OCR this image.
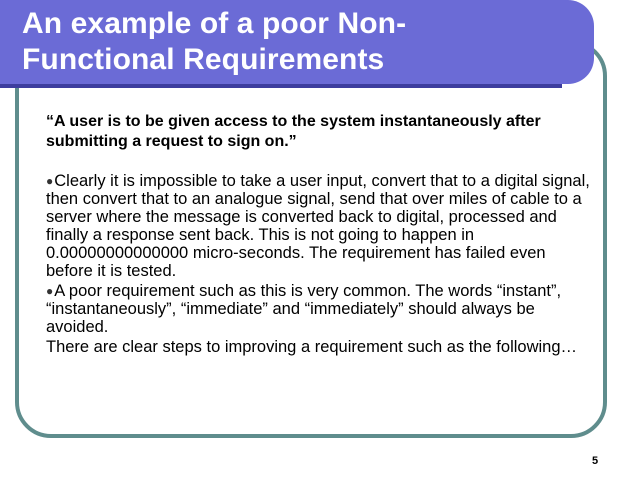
An example of a poor Non-
Functional Requirements

“A user is to be given access to the system instantaneously after submitting a request to sign on.”

●Clearly it is impossible to take a user input, convert that to a digital signal, then convert that to an analogue signal, send that over miles of cable to a server where the message is converted back to digital, processed and finally a response sent back. This is not going to happen in 0.00000000000000 micro-seconds. The requirement has failed even before it is tested.

●A poor requirement such as this is very common. The words “instant”, “instantaneously”, “immediate” and “immediately” should always be avoided.

There are clear steps to improving a requirement such as the following…

5
